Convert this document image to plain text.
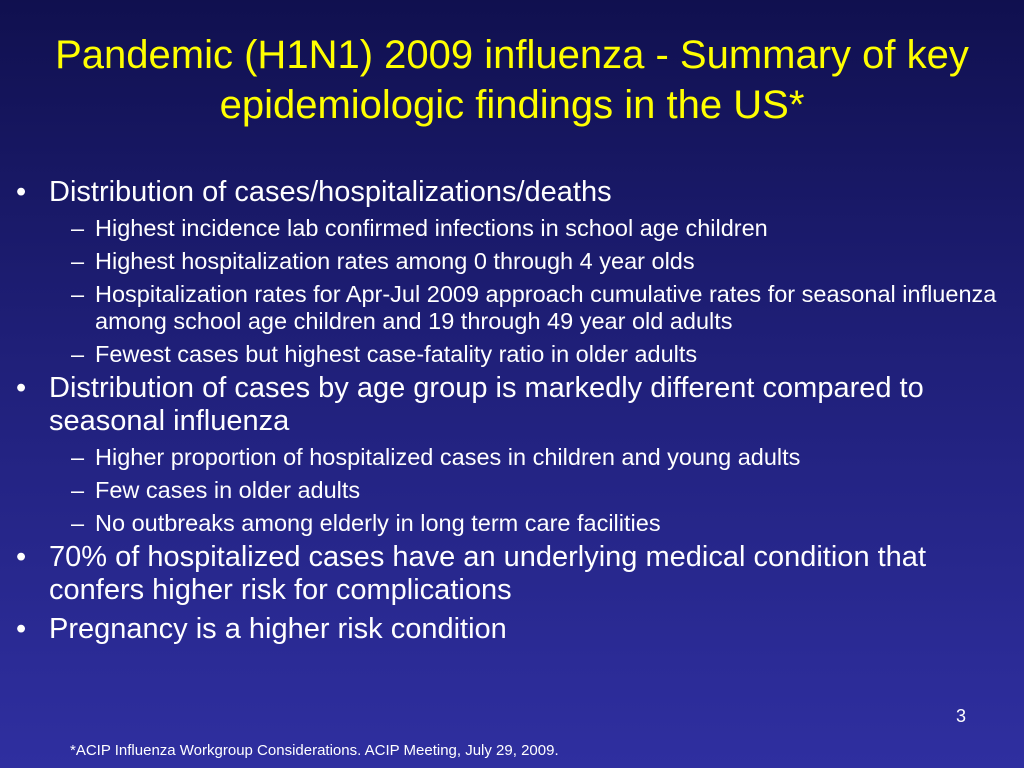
Pandemic (H1N1) 2009 influenza - Summary of key epidemiologic findings in the US*
• Distribution of cases/hospitalizations/deaths
– Highest incidence lab confirmed infections in school age children
– Highest hospitalization rates among 0 through 4 year olds
– Hospitalization rates for Apr-Jul 2009 approach cumulative rates for seasonal influenza among school age children and 19 through 49 year old adults
– Fewest cases but highest case-fatality ratio in older adults
• Distribution of cases by age group is markedly different compared to seasonal influenza
– Higher proportion of hospitalized cases in children and young adults
– Few cases in older adults
– No outbreaks among elderly in long term care facilities
• 70% of hospitalized cases have an underlying medical condition that confers higher risk for complications
• Pregnancy is a higher risk condition
3
*ACIP Influenza Workgroup Considerations. ACIP Meeting, July 29, 2009.
